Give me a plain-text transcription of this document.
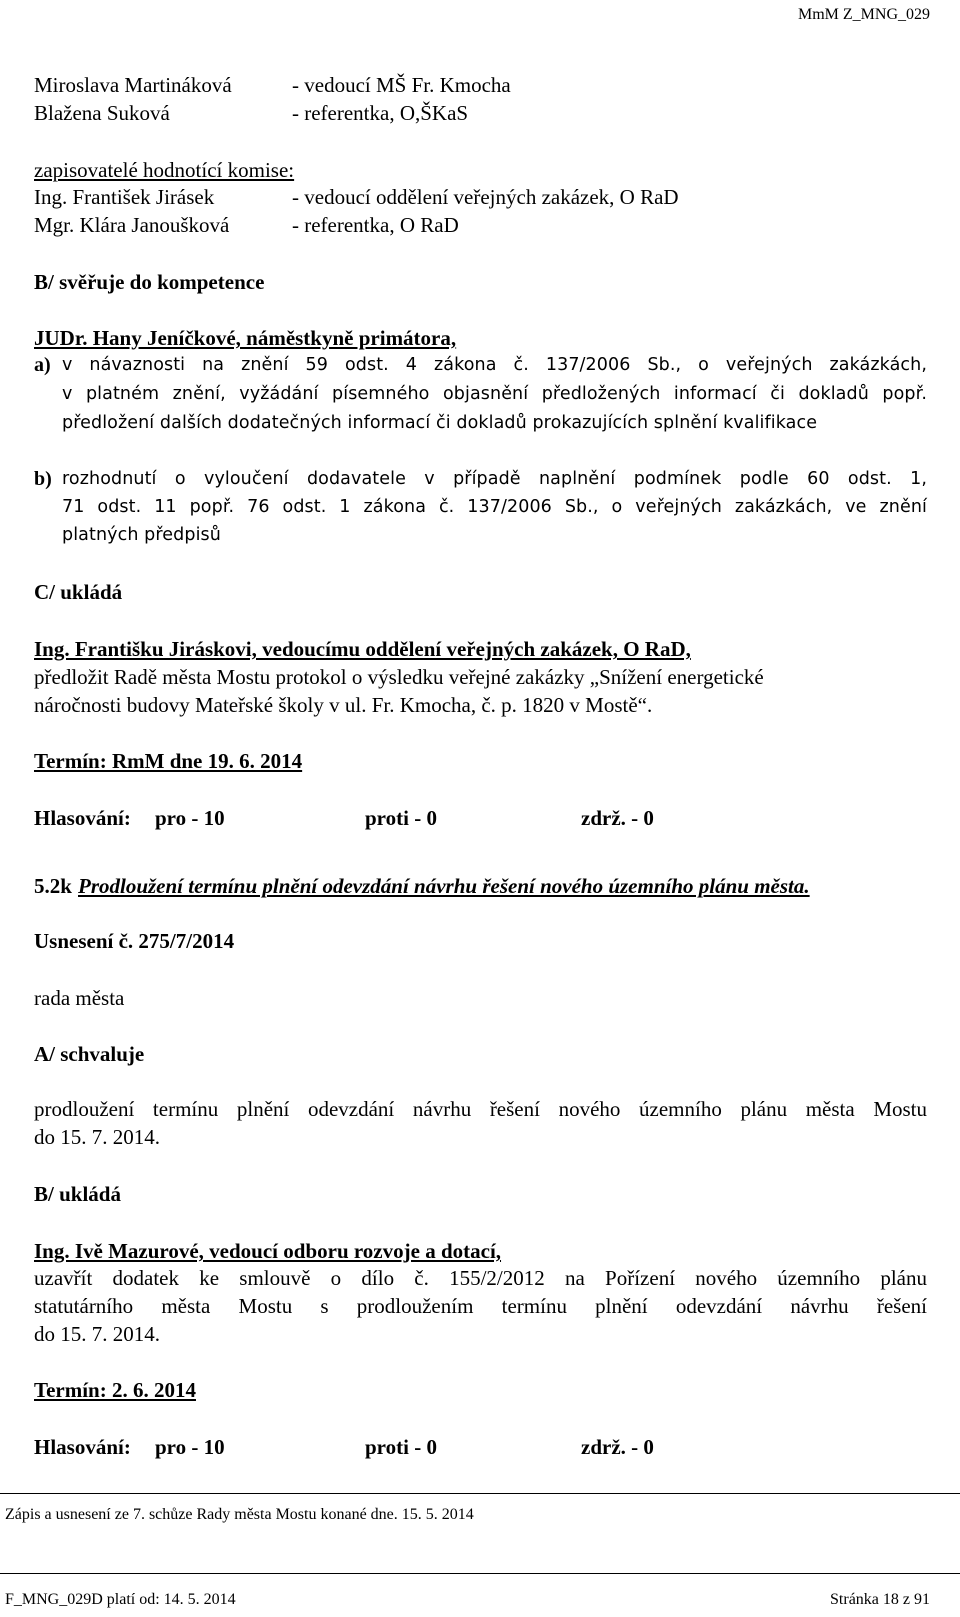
MmM Z_MNG_029
Miroslava Martináková	- vedoucí MŠ Fr. Kmocha
Blažena Suková	- referentka, O,ŠKaS
zapisovatelé hodnotící komise:
Ing. František Jirásek	- vedoucí oddělení veřejných zakázek, O RaD
Mgr. Klára Janoušková	- referentka, O RaD
B/ svěřuje do kompetence
JUDr. Hany Jeníčkové, náměstkyně primátora,
a) v návaznosti na znění 59 odst. 4 zákona č. 137/2006 Sb., o veřejných zakázkách,
v platném znění, vyžádání písemného objasnění předložených informací či dokladů popř.
předložení dalších dodatečných informací či dokladů prokazujících splnění kvalifikace
b) rozhodnutí o vyloučení dodavatele v případě naplnění podmínek podle 60 odst. 1,
71 odst. 11 popř. 76 odst. 1 zákona č. 137/2006 Sb., o veřejných zakázkách, ve znění
platných předpisů
C/ ukládá
Ing. Františku Jiráskovi, vedoucímu oddělení veřejných zakázek, O RaD,
předložit Radě města Mostu protokol o výsledku veřejné zakázky „Snížení energetické
náročnosti budovy Mateřské školy v ul. Fr. Kmocha, č. p. 1820 v Mostě“.
Termín: RmM dne 19. 6. 2014
Hlasování: pro - 10	proti - 0	zdrž. - 0
5.2k Prodloužení termínu plnění odevzdání návrhu řešení nového územního plánu města.
Usnesení č. 275/7/2014
rada města
A/ schvaluje
prodloužení termínu plnění odevzdání návrhu řešení nového územního plánu města Mostu
do 15. 7. 2014.
B/ ukládá
Ing. Ivě Mazurové, vedoucí odboru rozvoje a dotací,
uzavřít dodatek ke smlouvě o dílo č. 155/2/2012 na Pořízení nového územního plánu
statutárního města Mostu s prodloužením termínu plnění odevzdání návrhu řešení
do 15. 7. 2014.
Termín: 2. 6. 2014
Hlasování: pro - 10	proti - 0	zdrž. - 0
Zápis a usnesení ze 7. schůze Rady města Mostu konané dne. 15. 5. 2014
F_MNG_029D platí od: 14. 5. 2014	Stránka 18 z 91
